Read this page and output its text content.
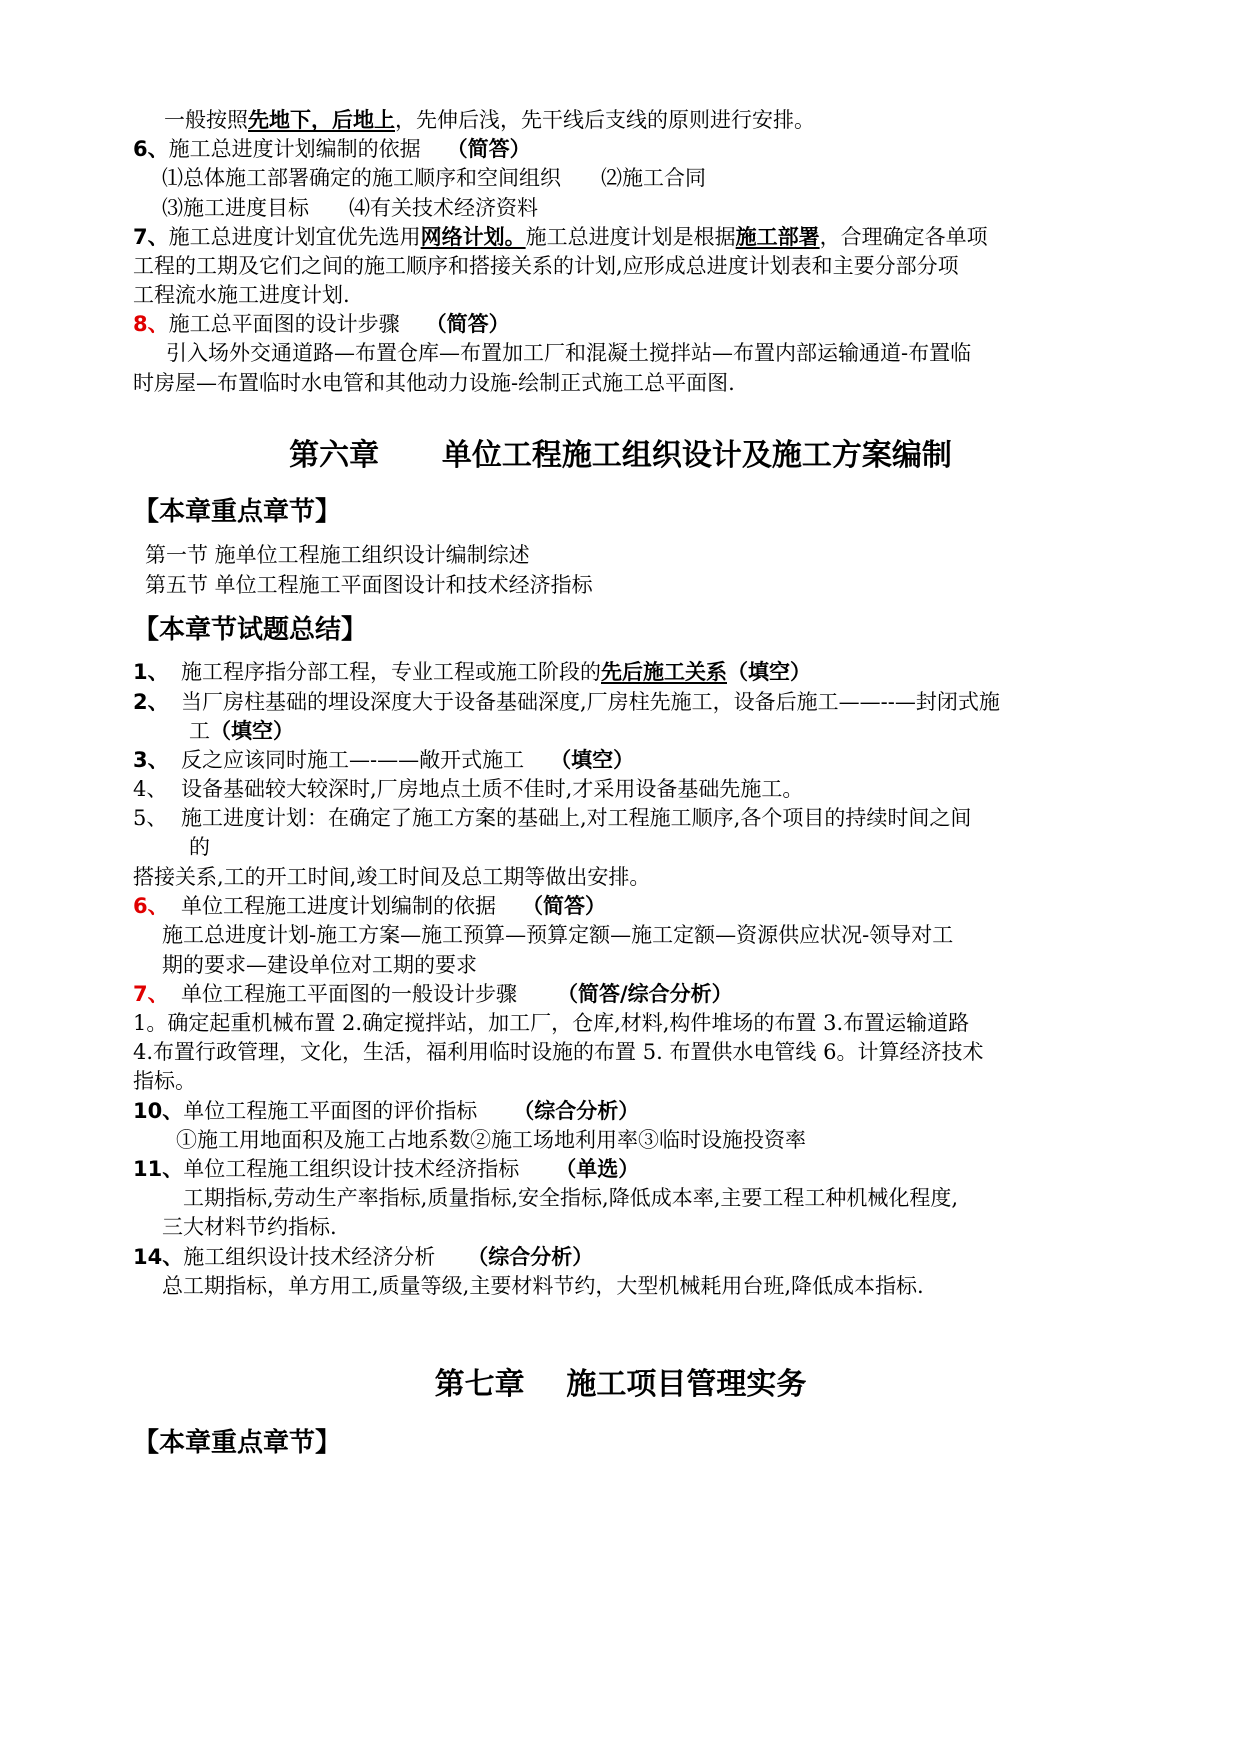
一般按照先地下，后地上，先伸后浅，先干线后支线的原则进行安排。
6、施工总进度计划编制的依据 （简答）
⑴总体施工部署确定的施工顺序和空间组织 ⑵施工合同
⑶施工进度目标 ⑷有关技术经济资料
7、施工总进度计划宜优先选用网络计划。施工总进度计划是根据施工部署，合理确定各单项
工程的工期及它们之间的施工顺序和搭接关系的计划,应形成总进度计划表和主要分部分项
工程流水施工进度计划.
8、施工总平面图的设计步骤 （简答）
引入场外交通道路—布置仓库—布置加工厂和混凝土搅拌站—布置内部运输通道-布置临
时房屋—布置临时水电管和其他动力设施-绘制正式施工总平面图.
第六章      单位工程施工组织设计及施工方案编制
【本章重点章节】
第一节 施单位工程施工组织设计编制综述
第五节 单位工程施工平面图设计和技术经济指标
【本章节试题总结】
1、 施工程序指分部工程，专业工程或施工阶段的先后施工关系（填空）
2、 当厂房柱基础的埋设深度大于设备基础深度,厂房柱先施工，设备后施工——--—封闭式施
工（填空）
3、 反之应该同时施工—-——敞开式施工 （填空）
4、 设备基础较大较深时,厂房地点土质不佳时,才采用设备基础先施工。
5、 施工进度计划：在确定了施工方案的基础上,对工程施工顺序,各个项目的持续时间之间
的
搭接关系,工的开工时间,竣工时间及总工期等做出安排。
6、 单位工程施工进度计划编制的依据 （简答）
施工总进度计划-施工方案—施工预算—预算定额—施工定额—资源供应状况-领导对工
期的要求—建设单位对工期的要求
7、 单位工程施工平面图的一般设计步骤 （简答/综合分析）
1。确定起重机械布置 2.确定搅拌站，加工厂，仓库,材料,构件堆场的布置 3.布置运输道路
4.布置行政管理，文化，生活，福利用临时设施的布置 5. 布置供水电管线 6。计算经济技术
指标。
10、单位工程施工平面图的评价指标 （综合分析）
①施工用地面积及施工占地系数②施工场地利用率③临时设施投资率
11、单位工程施工组织设计技术经济指标 （单选）
工期指标,劳动生产率指标,质量指标,安全指标,降低成本率,主要工程工种机械化程度,
三大材料节约指标.
14、施工组织设计技术经济分析 （综合分析）
总工期指标，单方用工,质量等级,主要材料节约，大型机械耗用台班,降低成本指标.
第七章    施工项目管理实务
【本章重点章节】
